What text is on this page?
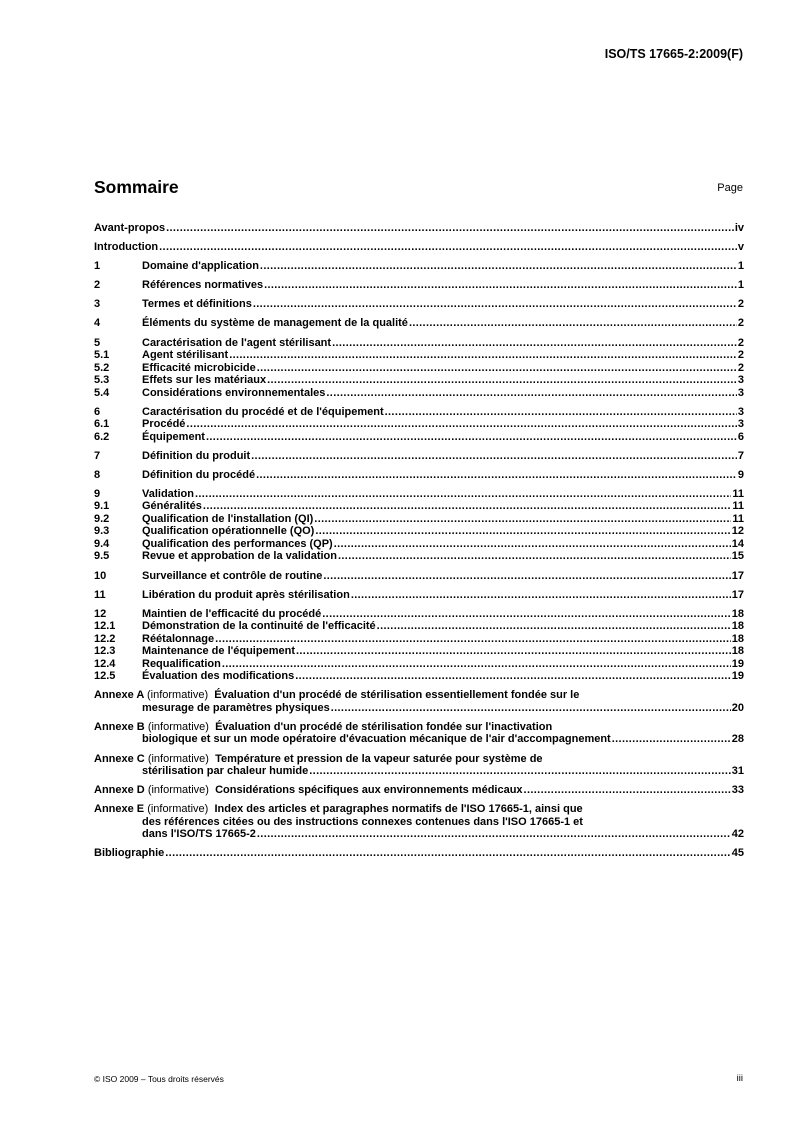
ISO/TS 17665-2:2009(F)
Sommaire	Page
Avant-propos .....	iv
Introduction .....	v
1	Domaine d'application .....	1
2	Références normatives .....	1
3	Termes et définitions .....	2
4	Éléments du système de management de la qualité .....	2
5	Caractérisation de l'agent stérilisant .....	2
5.1	Agent stérilisant .....	2
5.2	Efficacité microbicide .....	2
5.3	Effets sur les matériaux .....	3
5.4	Considérations environnementales .....	3
6	Caractérisation du procédé et de l'équipement .....	3
6.1	Procédé .....	3
6.2	Équipement .....	6
7	Définition du produit .....	7
8	Définition du procédé .....	9
9	Validation .....	11
9.1	Généralités .....	11
9.2	Qualification de l'installation (QI) .....	11
9.3	Qualification opérationnelle (QO) .....	12
9.4	Qualification des performances (QP) .....	14
9.5	Revue et approbation de la validation .....	15
10	Surveillance et contrôle de routine .....	17
11	Libération du produit après stérilisation .....	17
12	Maintien de l'efficacité du procédé .....	18
12.1	Démonstration de la continuité de l'efficacité .....	18
12.2	Réétalonnage .....	18
12.3	Maintenance de l'équipement .....	18
12.4	Requalification .....	19
12.5	Évaluation des modifications .....	19
Annexe A (informative) Évaluation d'un procédé de stérilisation essentiellement fondée sur le
mesurage de paramètres physiques .....	20
Annexe B (informative) Évaluation d'un procédé de stérilisation fondée sur l'inactivation
biologique et sur un mode opératoire d'évacuation mécanique de l'air d'accompagnement .....	28
Annexe C (informative) Température et pression de la vapeur saturée pour système de
stérilisation par chaleur humide .....	31
Annexe D (informative) Considérations spécifiques aux environnements médicaux .....	33
Annexe E (informative) Index des articles et paragraphes normatifs de l'ISO 17665-1, ainsi que
des références citées ou des instructions connexes contenues dans l'ISO 17665-1 et
dans l'ISO/TS 17665-2 .....	42
Bibliographie .....	45
© ISO 2009 – Tous droits réservés	iii
